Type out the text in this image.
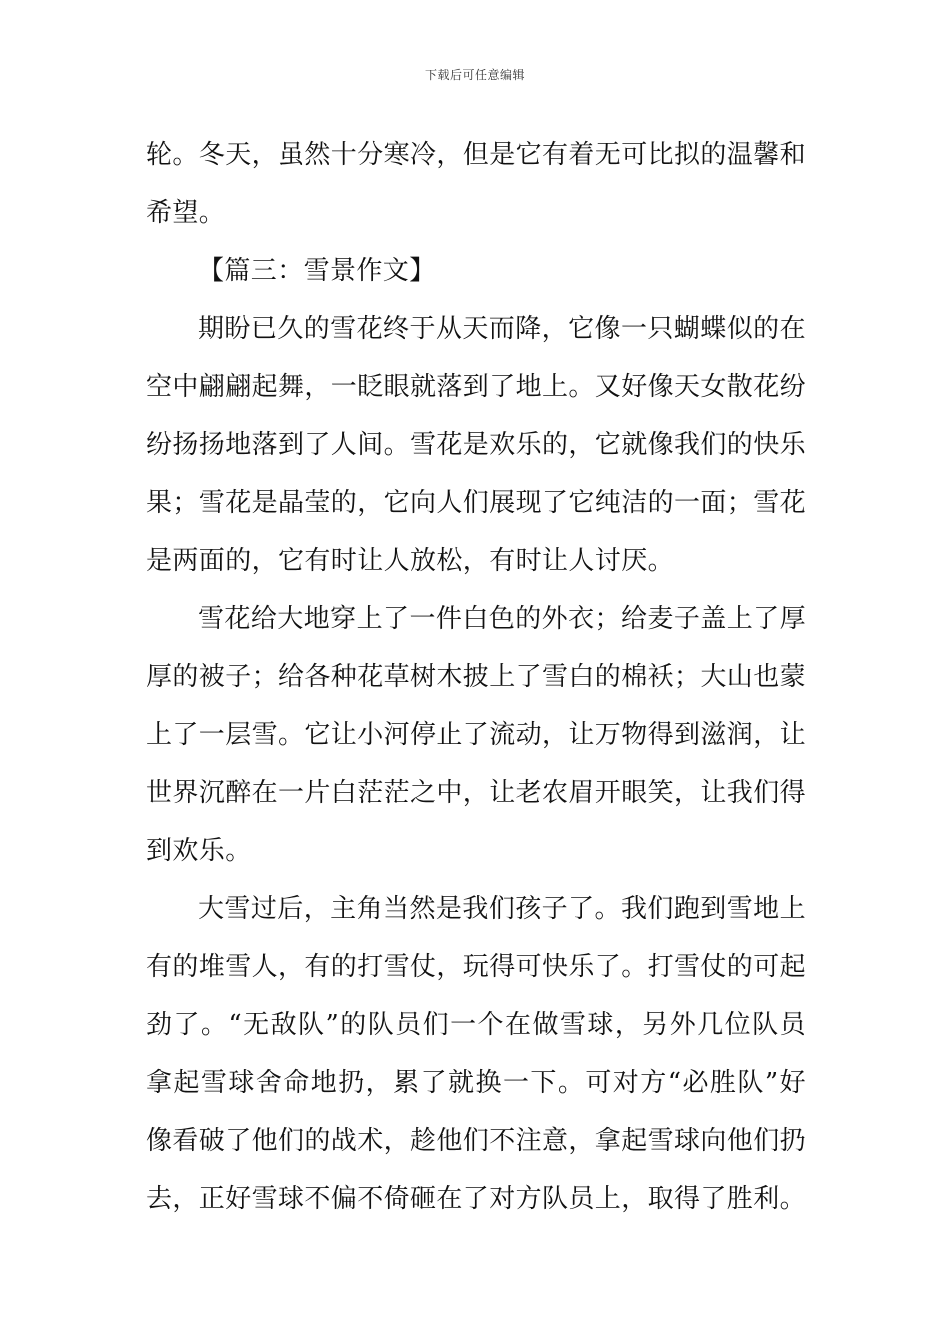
下载后可任意编辑

轮。冬天，虽然十分寒冷，但是它有着无可比拟的温馨和希望。

【篇三：雪景作文】

期盼已久的雪花终于从天而降，它像一只蝴蝶似的在空中翩翩起舞，一眨眼就落到了地上。又好像天女散花纷纷扬扬地落到了人间。雪花是欢乐的，它就像我们的快乐果；雪花是晶莹的，它向人们展现了它纯洁的一面；雪花是两面的，它有时让人放松，有时让人讨厌。

雪花给大地穿上了一件白色的外衣；给麦子盖上了厚厚的被子；给各种花草树木披上了雪白的棉袄；大山也蒙上了一层雪。它让小河停止了流动，让万物得到滋润，让世界沉醉在一片白茫茫之中，让老农眉开眼笑，让我们得到欢乐。

大雪过后，主角当然是我们孩子了。我们跑到雪地上有的堆雪人，有的打雪仗，玩得可快乐了。打雪仗的可起劲了。“无敌队”的队员们一个在做雪球，另外几位队员拿起雪球舍命地扔，累了就换一下。可对方“必胜队”好像看破了他们的战术，趁他们不注意，拿起雪球向他们扔去，正好雪球不偏不倚砸在了对方队员上，取得了胜利。
